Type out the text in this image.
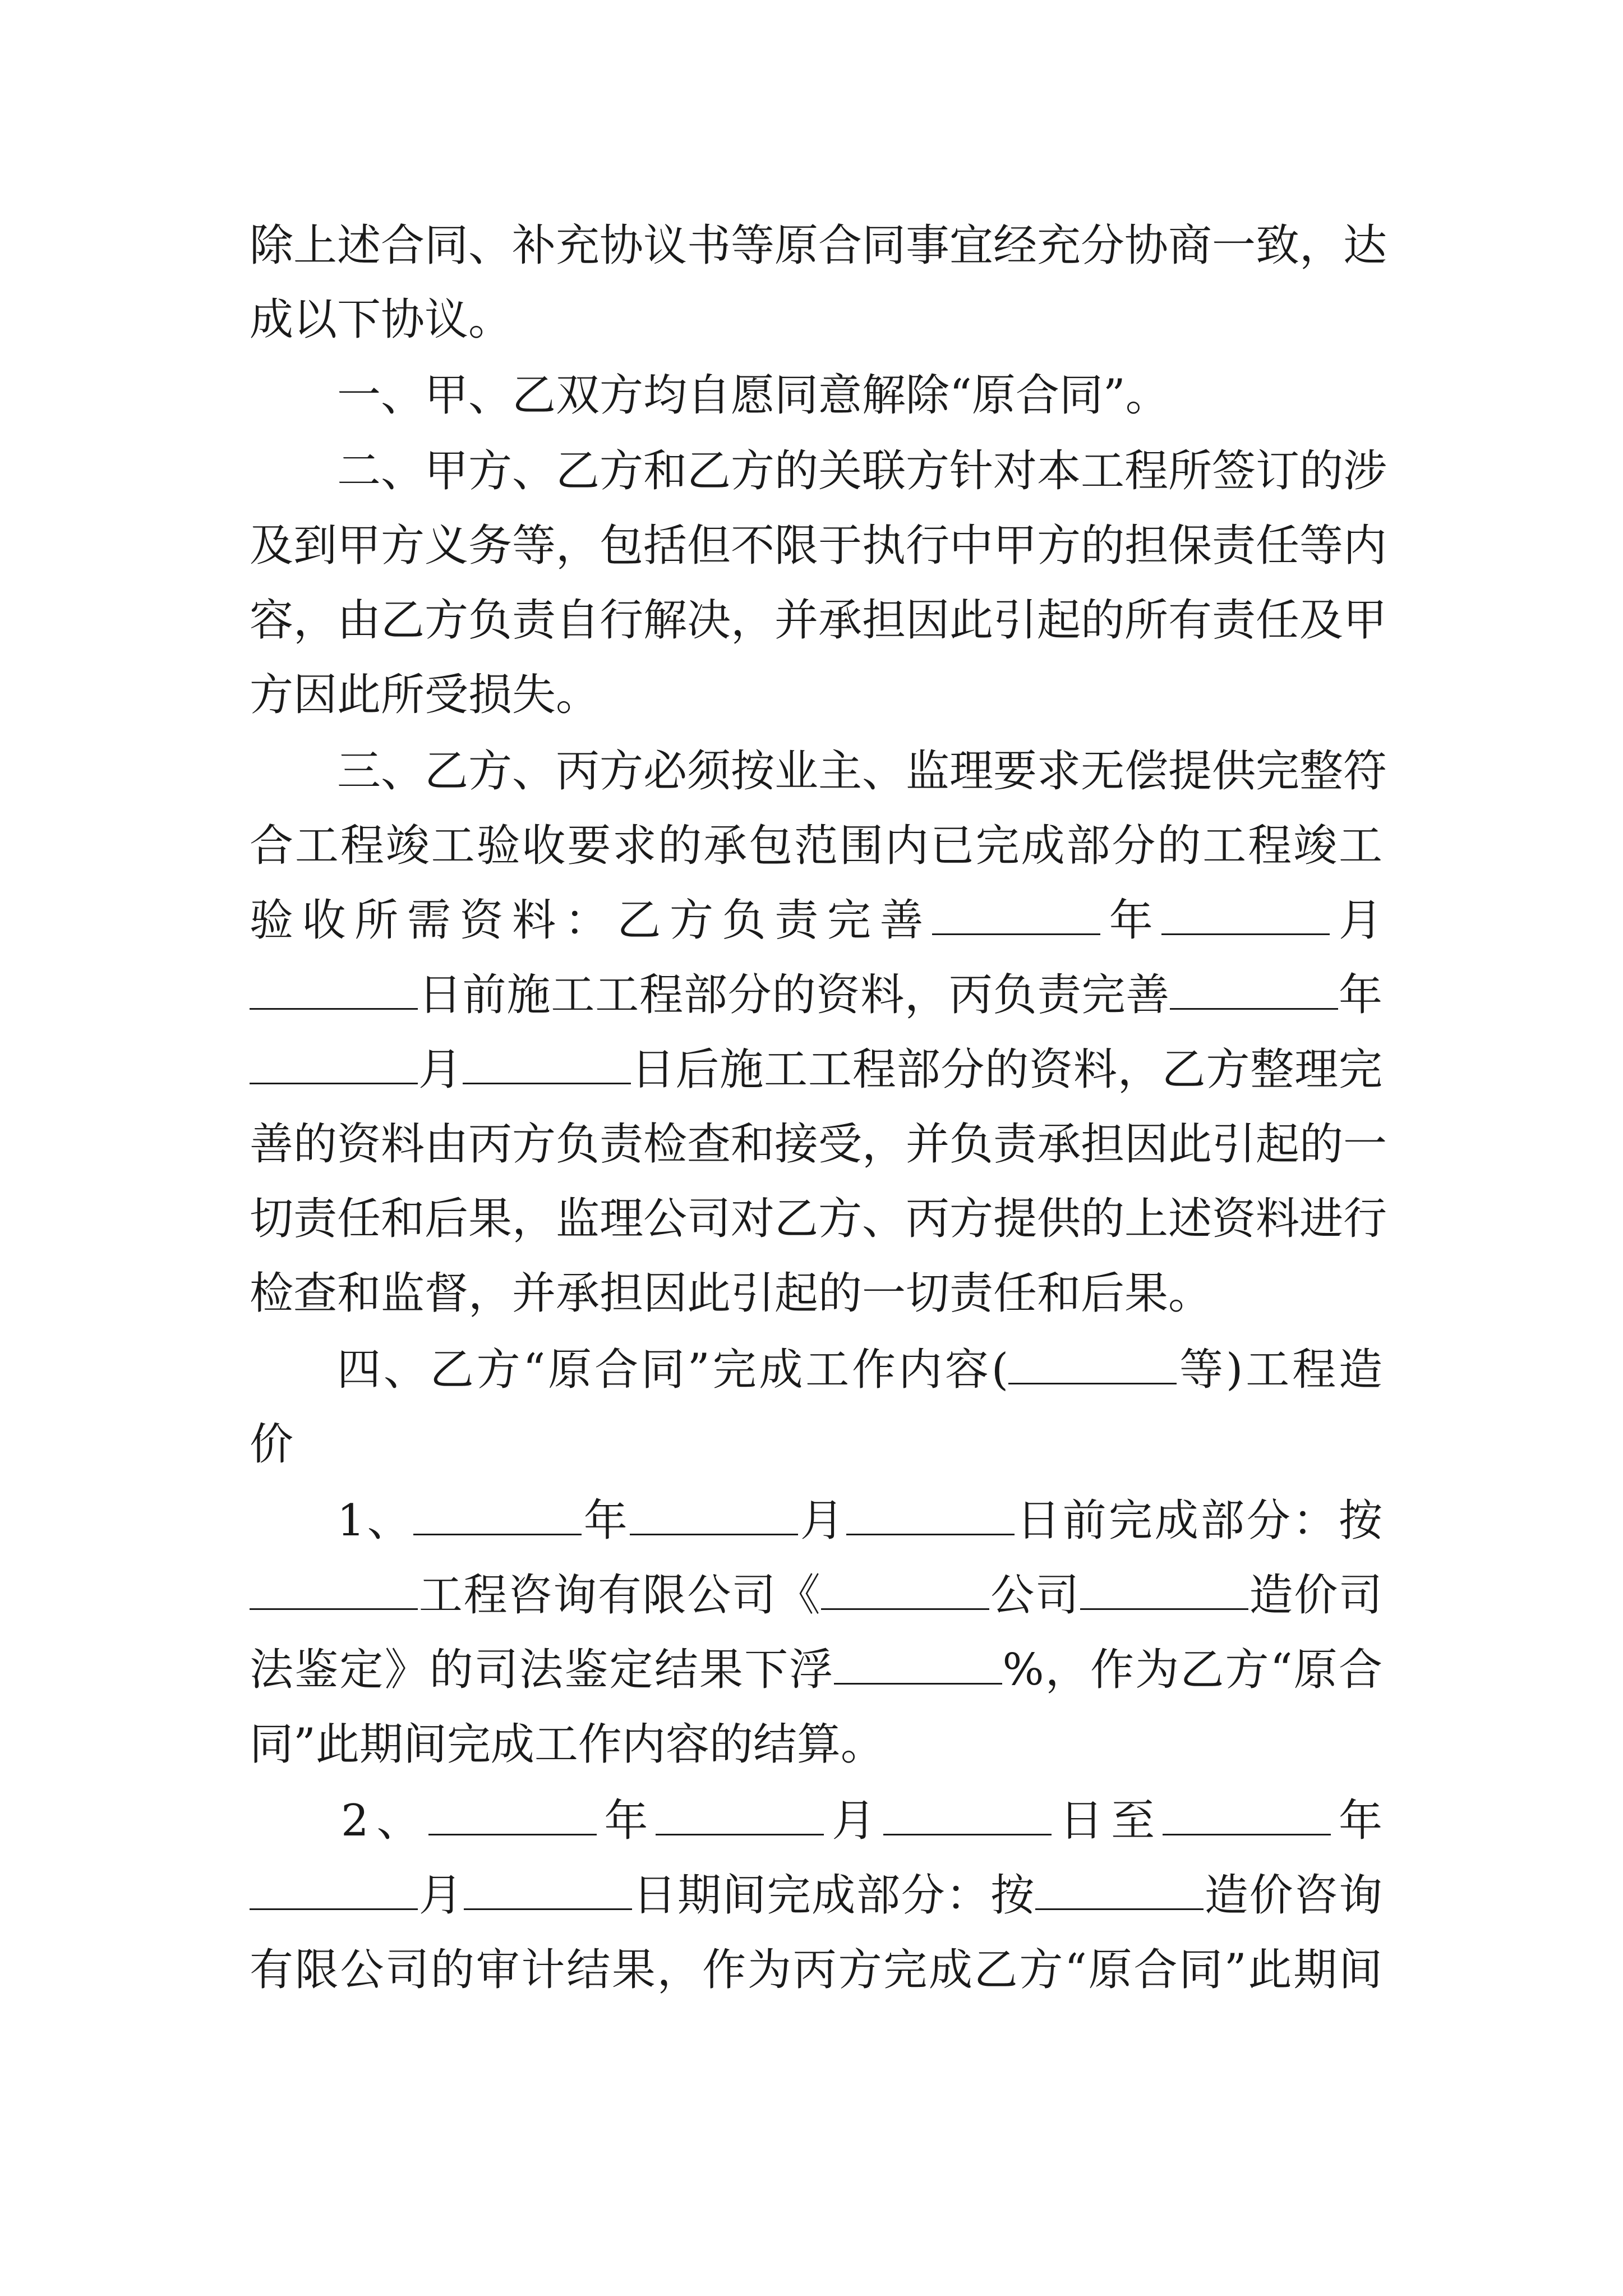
除上述合同、补充协议书等原合同事宜经充分协商一致，达
成以下协议。
一、甲、乙双方均自愿同意解除“原合同”。
二、甲方、乙方和乙方的关联方针对本工程所签订的涉
及到甲方义务等，包括但不限于执行中甲方的担保责任等内
容，由乙方负责自行解决，并承担因此引起的所有责任及甲
方因此所受损失。
三、乙方、丙方必须按业主、监理要求无偿提供完整符
合工程竣工验收要求的承包范围内已完成部分的工程竣工
验收所需资料：乙方负责完善	年	月
日前施工工程部分的资料，丙负责完善	年
月	日后施工工程部分的资料，乙方整理完
善的资料由丙方负责检查和接受，并负责承担因此引起的一
切责任和后果，监理公司对乙方、丙方提供的上述资料进行
检查和监督，并承担因此引起的一切责任和后果。
四、乙方“原合同”完成工作内容(	等)工程造
价
1、	年	月	日前完成部分：按
工程咨询有限公司《	公司	造价司
法鉴定》的司法鉴定结果下浮	%，作为乙方“原合
同”此期间完成工作内容的结算。
2、	年	月	日至	年
月	日期间完成部分：按	造价咨询
有限公司的审计结果，作为丙方完成乙方“原合同”此期间
